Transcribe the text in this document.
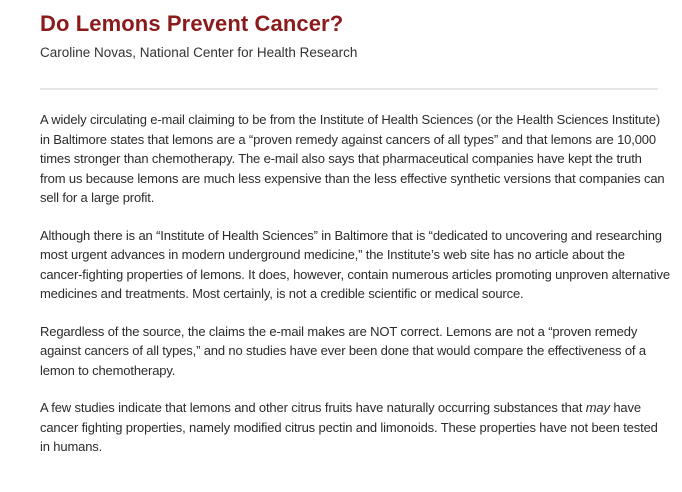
Do Lemons Prevent Cancer?

Caroline Novas, National Center for Health Research

A widely circulating e-mail claiming to be from the Institute of Health Sciences (or the Health Sciences Institute) in Baltimore states that lemons are a “proven remedy against cancers of all types” and that lemons are 10,000 times stronger than chemotherapy. The e-mail also says that pharmaceutical companies have kept the truth from us because lemons are much less expensive than the less effective synthetic versions that companies can sell for a large profit.

Although there is an “Institute of Health Sciences” in Baltimore that is “dedicated to uncovering and researching most urgent advances in modern underground medicine,” the Institute’s web site has no article about the cancer-fighting properties of lemons. It does, however, contain numerous articles promoting unproven alternative medicines and treatments. Most certainly, is not a credible scientific or medical source.

Regardless of the source, the claims the e-mail makes are NOT correct. Lemons are not a “proven remedy against cancers of all types,” and no studies have ever been done that would compare the effectiveness of a lemon to chemotherapy.

A few studies indicate that lemons and other citrus fruits have naturally occurring substances that may have cancer fighting properties, namely modified citrus pectin and limonoids. These properties have not been tested in humans.
